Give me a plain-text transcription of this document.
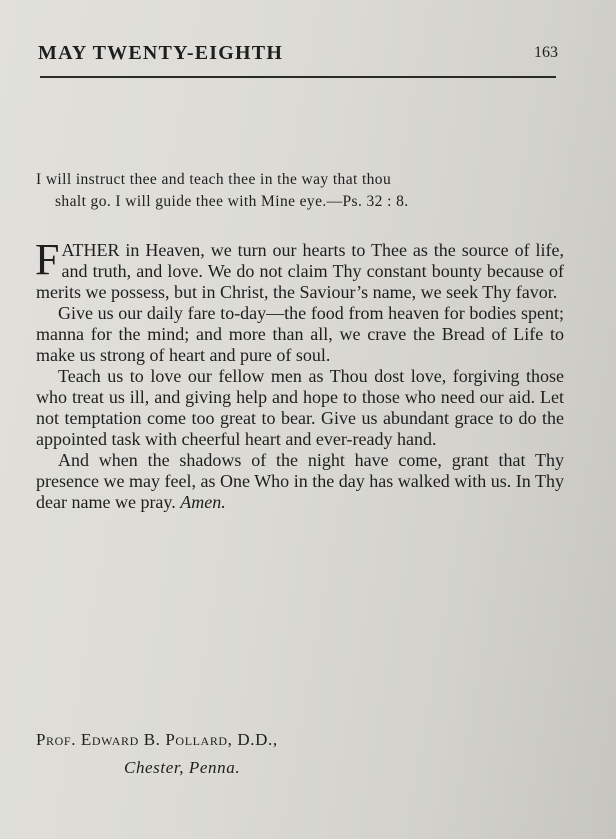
MAY TWENTY-EIGHTH	163
I will instruct thee and teach thee in the way that thou
shalt go. I will guide thee with Mine eye.—Ps. 32 : 8.

FATHER in Heaven, we turn our hearts to Thee as the source of life, and truth, and love. We do not claim Thy constant bounty because of merits we possess, but in Christ, the Saviour’s name, we seek Thy favor.

Give us our daily fare to-day—the food from heaven for bodies spent; manna for the mind; and more than all, we crave the Bread of Life to make us strong of heart and pure of soul.

Teach us to love our fellow men as Thou dost love, forgiving those who treat us ill, and giving help and hope to those who need our aid. Let not temptation come too great to bear. Give us abundant grace to do the appointed task with cheerful heart and ever-ready hand.

And when the shadows of the night have come, grant that Thy presence we may feel, as One Who in the day has walked with us. In Thy dear name we pray. Amen.

Prof. Edward B. Pollard, D.D.,
Chester, Penna.
